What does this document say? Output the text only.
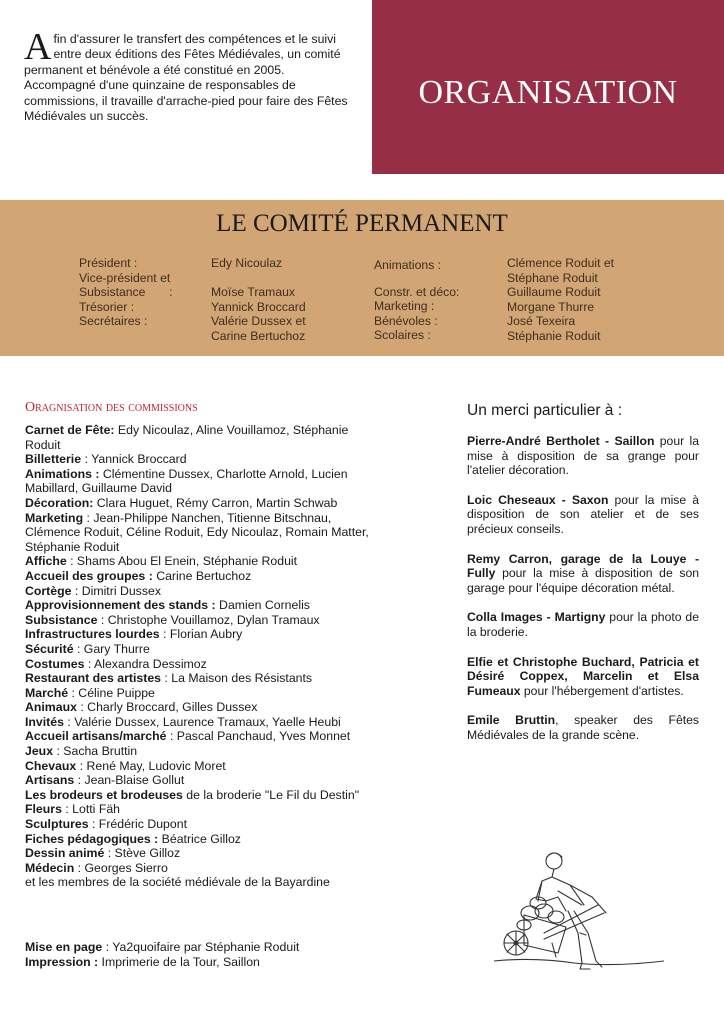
A fin d'assurer le transfert des compétences et le suivi entre deux éditions des Fêtes Médiévales, un comité permanent et bénévole a été constitué en 2005. Accompagné d'une quinzaine de responsables de commissions, il travaille d'arrache-pied pour faire des Fêtes Médiévales un succès.
ORGANISATION
LE COMITÉ PERMANENT
Président :
Vice-président et
Subsistance       :
Trésorier :
Secrétaires :
Edy Nicoulaz
Moïse Tramaux
Yannick Broccard
Valérie Dussex et
Carine Bertuchoz
Animations :
Constr. et déco:
Marketing :
Bénévoles :
Scolaires :
Clémence Roduit et
Stéphane Roduit
Guillaume Roduit
Morgane Thurre
José Texeira
Stéphanie Roduit
Oragnisation des commissions
Carnet de Fête: Edy Nicoulaz, Aline Vouillamoz, Stéphanie Roduit
Billetterie : Yannick Broccard
Animations : Clémentine Dussex, Charlotte Arnold, Lucien Mabillard, Guillaume David
Décoration: Clara Huguet, Rémy Carron, Martin Schwab
Marketing : Jean-Philippe Nanchen, Titienne Bitschnau, Clémence Roduit, Céline Roduit, Edy Nicoulaz, Romain Matter, Stéphanie Roduit
Affiche : Shams Abou El Enein, Stéphanie Roduit
Accueil des groupes : Carine Bertuchoz
Cortège : Dimitri Dussex
Approvisionnement des stands : Damien Cornelis
Subsistance : Christophe Vouillamoz, Dylan Tramaux
Infrastructures lourdes : Florian Aubry
Sécurité : Gary Thurre
Costumes : Alexandra Dessimoz
Restaurant des artistes : La Maison des Résistants
Marché : Céline Puippe
Animaux : Charly Broccard, Gilles Dussex
Invités : Valérie Dussex, Laurence Tramaux, Yaelle Heubi
Accueil artisans/marché : Pascal Panchaud, Yves Monnet
Jeux : Sacha Bruttin
Chevaux : René May, Ludovic Moret
Artisans : Jean-Blaise Gollut
Les brodeurs et brodeuses de la broderie "Le Fil du Destin"
Fleurs : Lotti Fäh
Sculptures : Frédéric Dupont
Fiches pédagogiques : Béatrice Gilloz
Dessin animé : Stève Gilloz
Médecin : Georges Sierro
et les membres de la société médiévale de la Bayardine
Mise en page : Ya2quoifaire par Stéphanie Roduit
Impression : Imprimerie de la Tour, Saillon
Un merci particulier à :
Pierre-André Bertholet - Saillon pour la mise à disposition de sa grange pour l'atelier décoration.
Loic Cheseaux - Saxon pour la mise à disposition de son atelier et de ses précieux conseils.
Remy Carron, garage de la Louye - Fully pour la mise à disposition de son garage pour l'équipe décoration métal.
Colla Images - Martigny pour la photo de la broderie.
Elfie et Christophe Buchard, Patricia et Désiré Coppex, Marcelin et Elsa Fumeaux pour l'hébergement d'artistes.
Emile Bruttin, speaker des Fêtes Médiévales de la grande scène.
